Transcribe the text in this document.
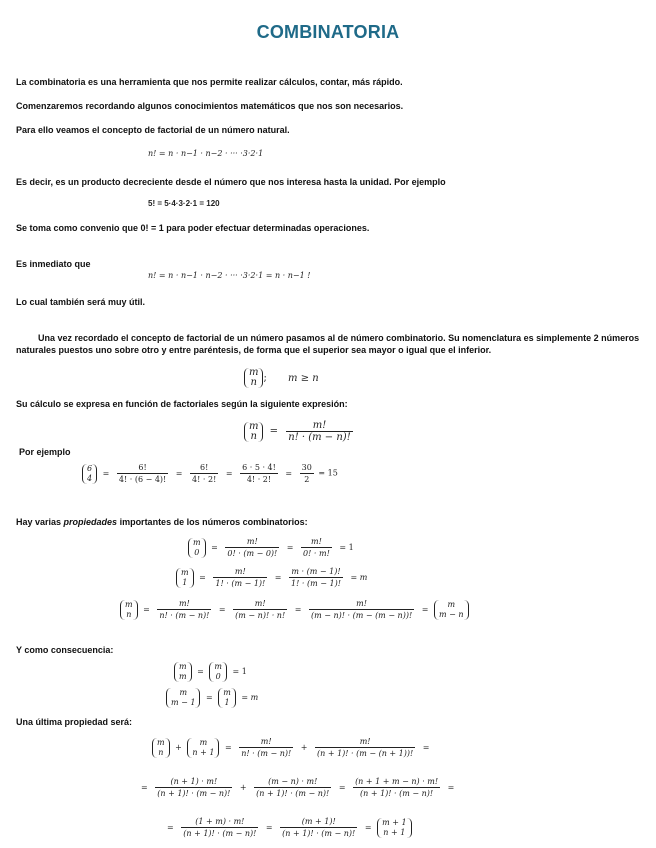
COMBINATORIA
La combinatoria es una herramienta que nos permite realizar cálculos, contar, más rápido.
Comenzaremos recordando algunos conocimientos matemáticos que nos son necesarios.
Para ello veamos el concepto de factorial de un número natural.
n! = n · n−1 · n−2 · ··· ·3·2·1
Es decir, es un producto decreciente desde el número que nos interesa hasta la unidad. Por ejemplo
5! = 5·4·3·2·1 = 120
Se toma como convenio que 0! = 1 para poder efectuar determinadas operaciones.
Es inmediato que
n! = n · n−1 · n−2 · ··· ·3·2·1 = n · n−1 !
Lo cual también será muy útil.
Una vez recordado el concepto de factorial de un número pasamos al de número combinatorio. Su nomenclatura es simplemente 2 números naturales puestos uno sobre otro y entre paréntesis, de forma que el superior sea mayor o igual que el inferior.
m
n ; m ≥ n
Su cálculo se expresa en función de factoriales según la siguiente expresión:
m
$n = \frac{m!}{n! \cdot (m - n)!}$
Por ejemplo
6
4
= $\frac{6!}{4! \cdot (6 - 4)!} = \frac{6!}{4! \cdot 2!} = \frac{6 \cdot 5 \cdot 4!}{4! \cdot 2!} = \frac{30}{2} = 15$
Hay varias propiedades importantes de los números combinatorios:
m
0
= $\frac{m!}{0! \cdot (m - 0)!} = \frac{m!}{0! \cdot m!} = 1$
m
1
= $\frac{m!}{1! \cdot (m - 1)!} = \frac{m \cdot (m - 1)!}{1! \cdot (m - 1)!} = m$
m
n
= $\frac{m!}{n! \cdot (m - n)!} = \frac{m!}{(m - n)! \cdot n!} = \frac{m!}{(m - n)! \cdot (m - (m - n))!}$ =
m
m − n
Y como consecuencia:
m
m
=
m
0
= 1
m
m − 1
=
m
1
= m
Una última propiedad será:
m
n
+
m
n + 1
= $\frac{m!}{n! \cdot (m - n)!} + \frac{m!}{(n + 1)! \cdot (m - (n + 1))!}$ =
= $\frac{(n + 1) \cdot m!}{(n + 1)! \cdot (m - n)!} + \frac{(m - n) \cdot m!}{(n + 1)! \cdot (m - n)!} = \frac{(n + 1 + m - n) \cdot m!}{(n + 1)! \cdot (m - n)!}$ =
= $\frac{(1 + m) \cdot m!}{(n + 1)! \cdot (m - n)!} = \frac{(m + 1)!}{(n + 1)! \cdot (m - n)!}$ =
m + 1
n + 1
